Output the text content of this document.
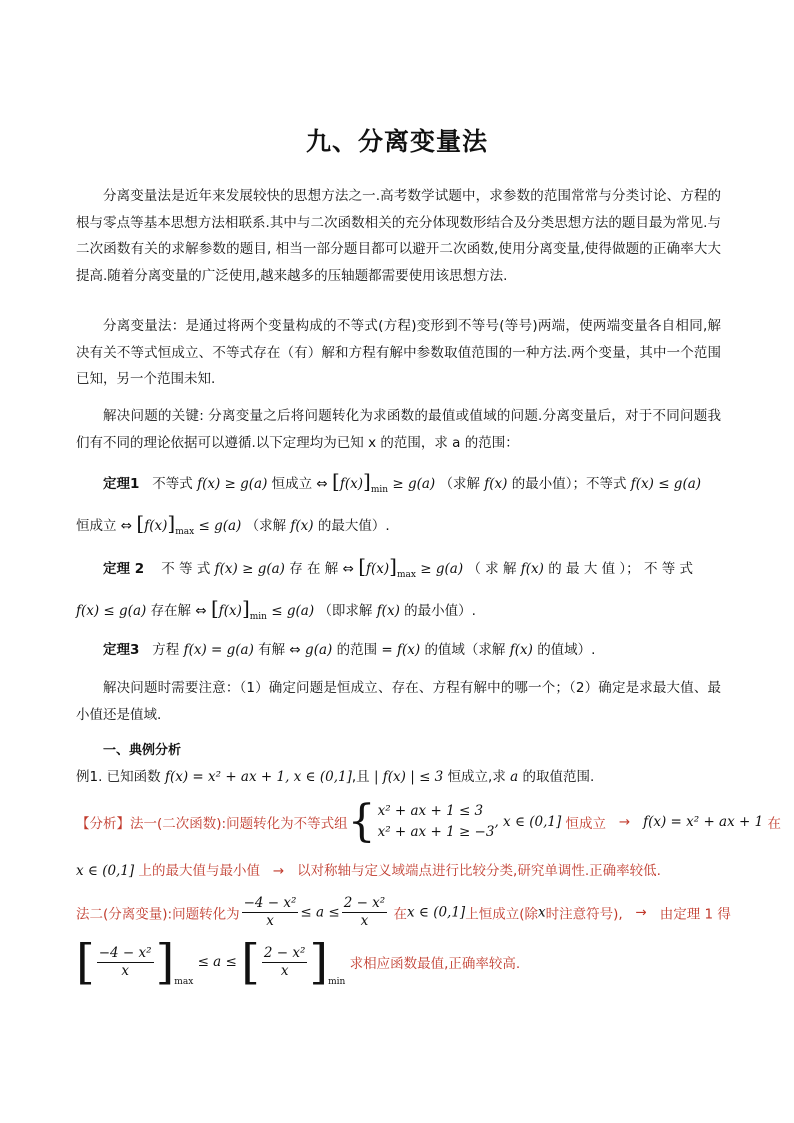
九、分离变量法
分离变量法是近年来发展较快的思想方法之一.高考数学试题中，求参数的范围常常与分类讨论、方程的根与零点等基本思想方法相联系.其中与二次函数相关的充分体现数形结合及分类思想方法的题目最为常见.与二次函数有关的求解参数的题目, 相当一部分题目都可以避开二次函数,使用分离变量,使得做题的正确率大大提高.随着分离变量的广泛使用,越来越多的压轴题都需要使用该思想方法.
分离变量法：是通过将两个变量构成的不等式(方程)变形到不等号(等号)两端，使两端变量各自相同,解决有关不等式恒成立、不等式存在（有）解和方程有解中参数取值范围的一种方法.两个变量，其中一个范围已知，另一个范围未知.
解决问题的关键: 分离变量之后将问题转化为求函数的最值或值域的问题.分离变量后，对于不同问题我们有不同的理论依据可以遵循.以下定理均为已知 x 的范围，求 a 的范围：
定理1 不等式 f(x) ≥ g(a) 恒成立 ⇔ $[f(x)]_{min} \ge g(a)$ （求解 f(x) 的最小值）；不等式 f(x) ≤ g(a)
恒成立 ⇔ $[f(x)]_{max} \le g(a)$ （求解 f(x) 的最大值）.
定理 2 不 等 式 f(x) ≥ g(a) 存 在 解 ⇔ $[f(x)]_{max} \ge g(a)$ （ 求 解 f(x) 的 最 大 值 ）； 不 等 式
f(x) ≤ g(a) 存在解 ⇔ $[f(x)]_{min} \le g(a)$ （即求解 f(x) 的最小值）.
定理3 方程 f(x) = g(a) 有解 ⇔ g(a) 的范围 = f(x) 的值域（求解 f(x) 的值域）.
解决问题时需要注意：（1）确定问题是恒成立、存在、方程有解中的哪一个；（2）确定是求最大值、最小值还是值域.
一、典例分析
例1. 已知函数 f(x) = x² + ax + 1, x ∈ (0,1],且 | f(x) | ≤ 3 恒成立,求 a 的取值范围.
【分析】法一(二次函数):问题转化为不等式组{ x² + ax + 1 ≤ 3
x² + ax + 1 ≥ −3
, x ∈ (0,1] 恒成立 → f(x) = x² + ax + 1 在
x ∈ (0,1] 上的最大值与最小值 → 以对称轴与定义域端点进行比较分类,研究单调性.正确率较低.
法二(分离变量):问题转化为 $\frac{\text{−4 − x²}}{x} \le a \le \frac{\text{2 − x²}}{x}$ 在x ∈ (0,1]上恒成立(除x时注意符号), → 由定理 1 得
[ $\frac{\text{−4 − x²}}{x} ]_{max} \le a$ ≤ [ $\frac{\text{2 − x²}}{x} ]_{min}$ 求相应函数最值,正确率较高.
